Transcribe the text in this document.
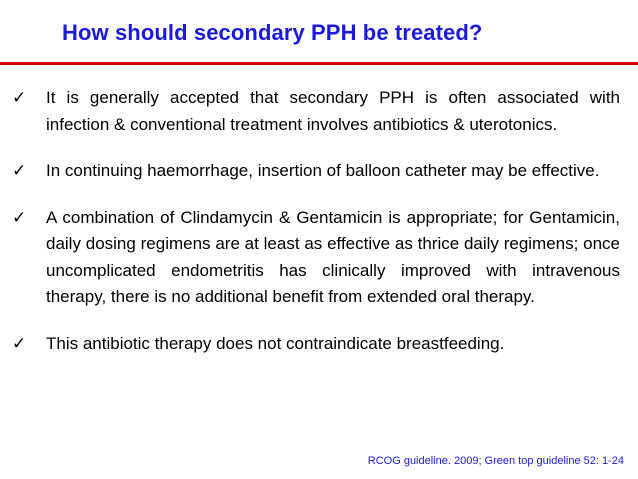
How should secondary PPH be treated?
✓ It is generally accepted that secondary PPH is often associated with infection & conventional treatment involves antibiotics & uterotonics.
✓ In continuing haemorrhage, insertion of balloon catheter may be effective.
✓ A combination of Clindamycin & Gentamicin is appropriate; for Gentamicin, daily dosing regimens are at least as effective as thrice daily regimens; once uncomplicated endometritis has clinically improved with intravenous therapy, there is no additional benefit from extended oral therapy.
✓ This antibiotic therapy does not contraindicate breastfeeding.
RCOG guideline. 2009; Green top guideline 52: 1-24
